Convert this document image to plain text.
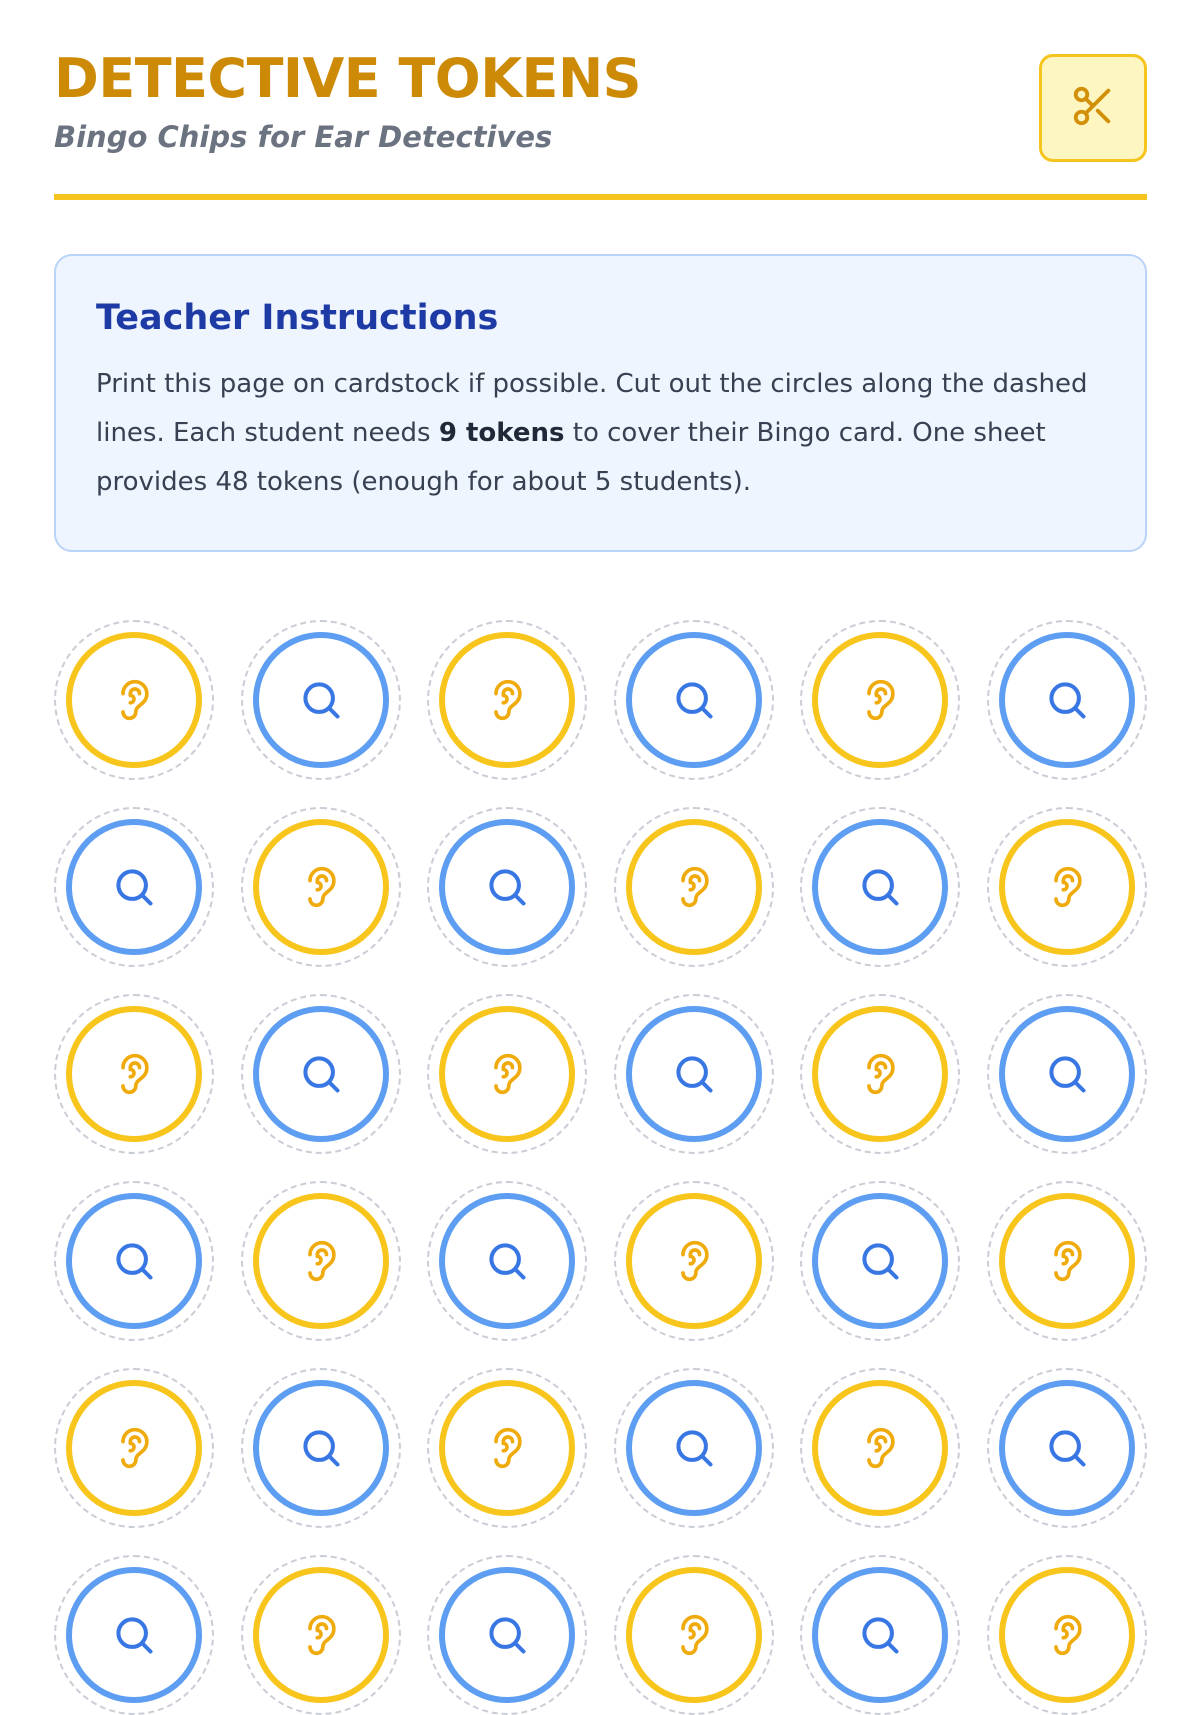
DETECTIVE TOKENS
Bingo Chips for Ear Detectives
Teacher Instructions

Print this page on cardstock if possible. Cut out the circles along the dashed lines. Each student needs 9 tokens to cover their Bingo card. One sheet provides 48 tokens (enough for about 5 students).
